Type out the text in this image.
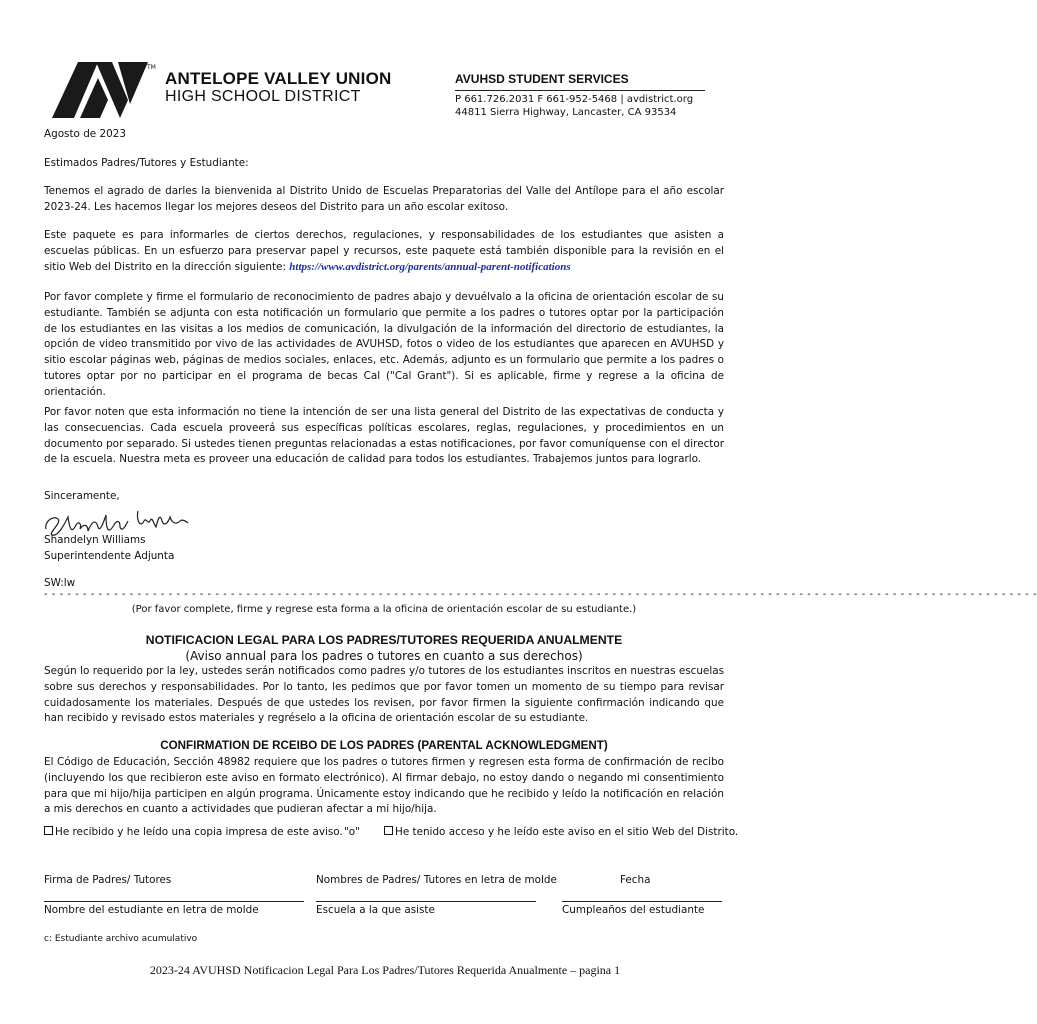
TM
ANTELOPE VALLEY UNION
HIGH SCHOOL DISTRICT
AVUHSD STUDENT SERVICES
P 661.726.2031 F 661-952-5468 | avdistrict.org
44811 Sierra Highway, Lancaster, CA 93534
Agosto de 2023
Estimados Padres/Tutores y Estudiante:
Tenemos el agrado de darles la bienvenida al Distrito Unido de Escuelas Preparatorias del Valle del Antílope para el año escolar 2023-24. Les hacemos llegar los mejores deseos del Distrito para un año escolar exitoso.
Este paquete es para informarles de ciertos derechos, regulaciones, y responsabilidades de los estudiantes que asisten a escuelas públicas. En un esfuerzo para preservar papel y recursos, este paquete está también disponible para la revisión en el sitio Web del Distrito en la dirección siguiente: https://www.avdistrict.org/parents/annual-parent-notifications
Por favor complete y firme el formulario de reconocimiento de padres abajo y devuélvalo a la oficina de orientación escolar de su estudiante. También se adjunta con esta notificación un formulario que permite a los padres o tutores optar por la participación de los estudiantes en las visitas a los medios de comunicación, la divulgación de la información del directorio de estudiantes, la opción de video transmitido por vivo de las actividades de AVUHSD, fotos o video de los estudiantes que aparecen en AVUHSD y sitio escolar páginas web, páginas de medios sociales, enlaces, etc. Además, adjunto es un formulario que permite a los padres o tutores optar por no participar en el programa de becas Cal ("Cal Grant"). Si es aplicable, firme y regrese a la oficina de orientación.
Por favor noten que esta información no tiene la intención de ser una lista general del Distrito de las expectativas de conducta y las consecuencias. Cada escuela proveerá sus específicas políticas escolares, reglas, regulaciones, y procedimientos en un documento por separado. Si ustedes tienen preguntas relacionadas a estas notificaciones, por favor comuníquense con el director de la escuela. Nuestra meta es proveer una educación de calidad para todos los estudiantes. Trabajemos juntos para lograrlo.
Sinceramente,
Shandelyn Williams
Superintendente Adjunta
SW:lw
- - - - - - - - - - - - - - - - - - - - - - - - - - - - - - - - - - - - - - - - - - - - - - - - - - - - - - - - - - - - - - - - - - - - - - - - - - - - - - - - - - - - - - - - - - - - - - - - - - - - - - - - - - - - - - - - - - - - - - - - - - - - - - - -
(Por favor complete, firme y regrese esta forma a la oficina de orientación escolar de su estudiante.)
NOTIFICACION LEGAL PARA LOS PADRES/TUTORES REQUERIDA ANUALMENTE
(Aviso annual para los padres o tutores en cuanto a sus derechos)
Según lo requerido por la ley, ustedes serán notificados como padres y/o tutores de los estudiantes inscritos en nuestras escuelas sobre sus derechos y responsabilidades. Por lo tanto, les pedimos que por favor tomen un momento de su tiempo para revisar cuidadosamente los materiales. Después de que ustedes los revisen, por favor firmen la siguiente confirmación indicando que han recibido y revisado estos materiales y regréselo a la oficina de orientación escolar de su estudiante.
CONFIRMATION DE RCEIBO DE LOS PADRES (PARENTAL ACKNOWLEDGMENT)
El Código de Educación, Sección 48982 requiere que los padres o tutores firmen y regresen esta forma de confirmación de recibo (incluyendo los que recibieron este aviso en formato electrónico). Al firmar debajo, no estoy dando o negando mi consentimiento para que mi hijo/hija participen en algún programa. Únicamente estoy indicando que he recibido y leído la notificación en relación a mis derechos en cuanto a actividades que pudieran afectar a mi hijo/hija.
He recibido y he leído una copia impresa de este aviso. "o"	He tenido acceso y he leído este aviso en el sitio Web del Distrito.
Firma de Padres/ Tutores	Nombres de Padres/ Tutores en letra de molde	Fecha
Nombre del estudiante en letra de molde	Escuela a la que asiste	Cumpleaños del estudiante
c: Estudiante archivo acumulativo
2023-24 AVUHSD Notificacion Legal Para Los Padres/Tutores Requerida Anualmente – pagina 1
